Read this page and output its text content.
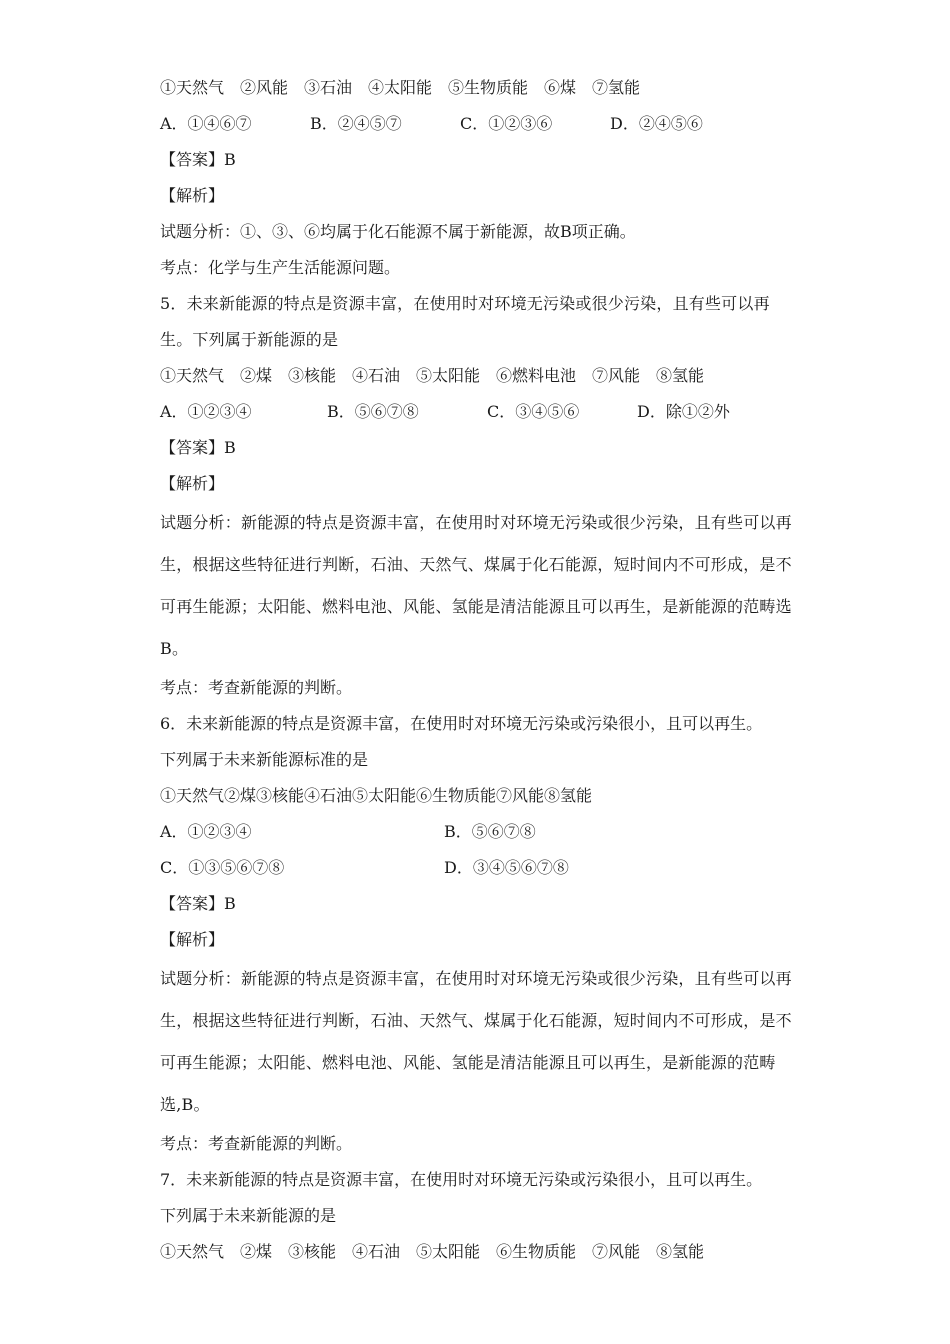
①天然气　②风能　③石油　④太阳能　⑤生物质能　⑥煤　⑦氢能
A．①④⑥⑦	B．②④⑤⑦	C．①②③⑥	D．②④⑤⑥
【答案】B
【解析】
试题分析：①、③、⑥均属于化石能源不属于新能源，故B项正确。
考点：化学与生产生活能源问题。
5．未来新能源的特点是资源丰富，在使用时对环境无污染或很少污染，且有些可以再生。下列属于新能源的是
①天然气　②煤　③核能　④石油　⑤太阳能　⑥燃料电池　⑦风能　⑧氢能
A．①②③④	B．⑤⑥⑦⑧	C．③④⑤⑥	D．除①②外
【答案】B
【解析】
试题分析：新能源的特点是资源丰富，在使用时对环境无污染或很少污染，且有些可以再生，根据这些特征进行判断，石油、天然气、煤属于化石能源，短时间内不可形成，是不可再生能源；太阳能、燃料电池、风能、氢能是清洁能源且可以再生，是新能源的范畴选B。
考点：考查新能源的判断。
6．未来新能源的特点是资源丰富，在使用时对环境无污染或污染很小，且可以再生。
下列属于未来新能源标准的是
①天然气②煤③核能④石油⑤太阳能⑥生物质能⑦风能⑧氢能
A．①②③④	B．⑤⑥⑦⑧
C．①③⑤⑥⑦⑧	D．③④⑤⑥⑦⑧
【答案】B
【解析】
试题分析：新能源的特点是资源丰富，在使用时对环境无污染或很少污染，且有些可以再生，根据这些特征进行判断，石油、天然气、煤属于化石能源，短时间内不可形成，是不可再生能源；太阳能、燃料电池、风能、氢能是清洁能源且可以再生，是新能源的范畴选,B。
考点：考查新能源的判断。
7．未来新能源的特点是资源丰富，在使用时对环境无污染或污染很小，且可以再生。
下列属于未来新能源的是
①天然气　②煤　③核能　④石油　⑤太阳能　⑥生物质能　⑦风能　⑧氢能
